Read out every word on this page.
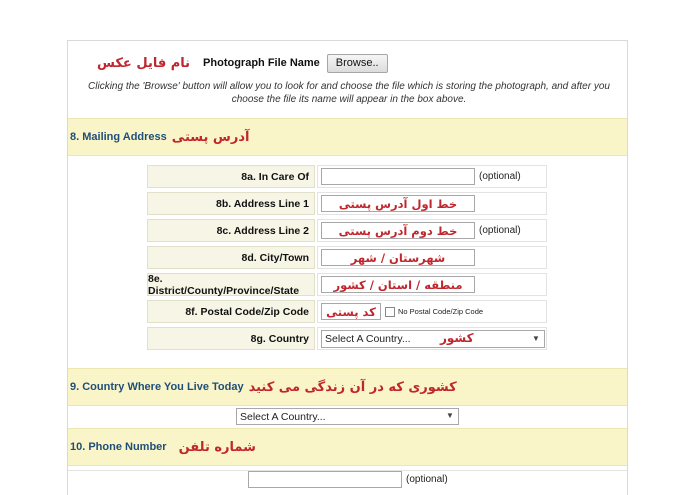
نام فایل عکس Photograph File Name	Browse..
Clicking the 'Browse' button will allow you to look for and choose the file which is storing the photograph, and after you choose the file its name will appear in the box above.
8. Mailing Address آدرس پستی
8a. In Care Of	(optional)
8b. Address Line 1	خط اول آدرس پستی
8c. Address Line 2	خط دوم آدرس پستی	(optional)
8d. City/Town	شهرستان / شهر
8e. District/County/Province/State	منطقه / استان / کشور
8f. Postal Code/Zip Code	کد پستی	No Postal Code/Zip Code
8g. Country	Select A Country... کشور	▼
9. Country Where You Live Today کشوری که در آن زندگی می کنید
Select A Country...	▼
10. Phone Number شماره تلفن
(optional)
